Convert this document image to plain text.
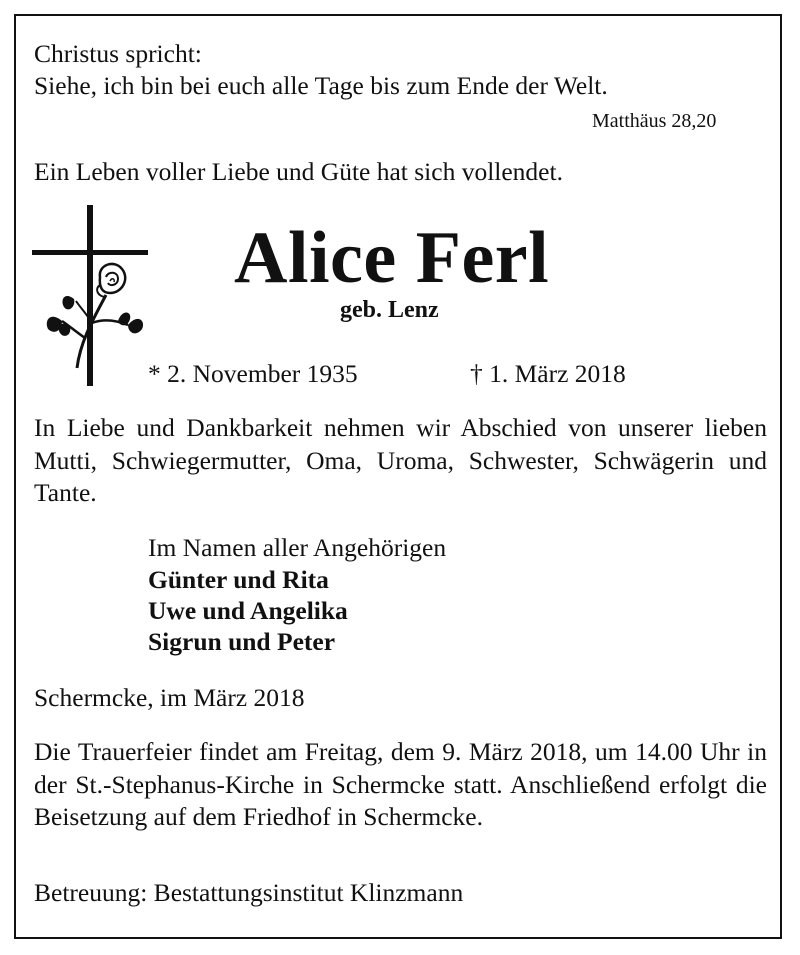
Christus spricht:
Siehe, ich bin bei euch alle Tage bis zum Ende der Welt.
Matthäus 28,20
Ein Leben voller Liebe und Güte hat sich vollendet.
Alice Ferl
geb. Lenz
* 2. November 1935	† 1. März 2018
In Liebe und Dankbarkeit nehmen wir Abschied von unserer lieben Mutti, Schwiegermutter, Oma, Uroma, Schwester, Schwägerin und Tante.
Im Namen aller Angehörigen
Günter und Rita
Uwe und Angelika
Sigrun und Peter
Schermcke, im März 2018
Die Trauerfeier findet am Freitag, dem 9. März 2018, um 14.00 Uhr in der St.-Stephanus-Kirche in Schermcke statt. Anschließend erfolgt die Beisetzung auf dem Friedhof in Schermcke.
Betreuung: Bestattungsinstitut Klinzmann
